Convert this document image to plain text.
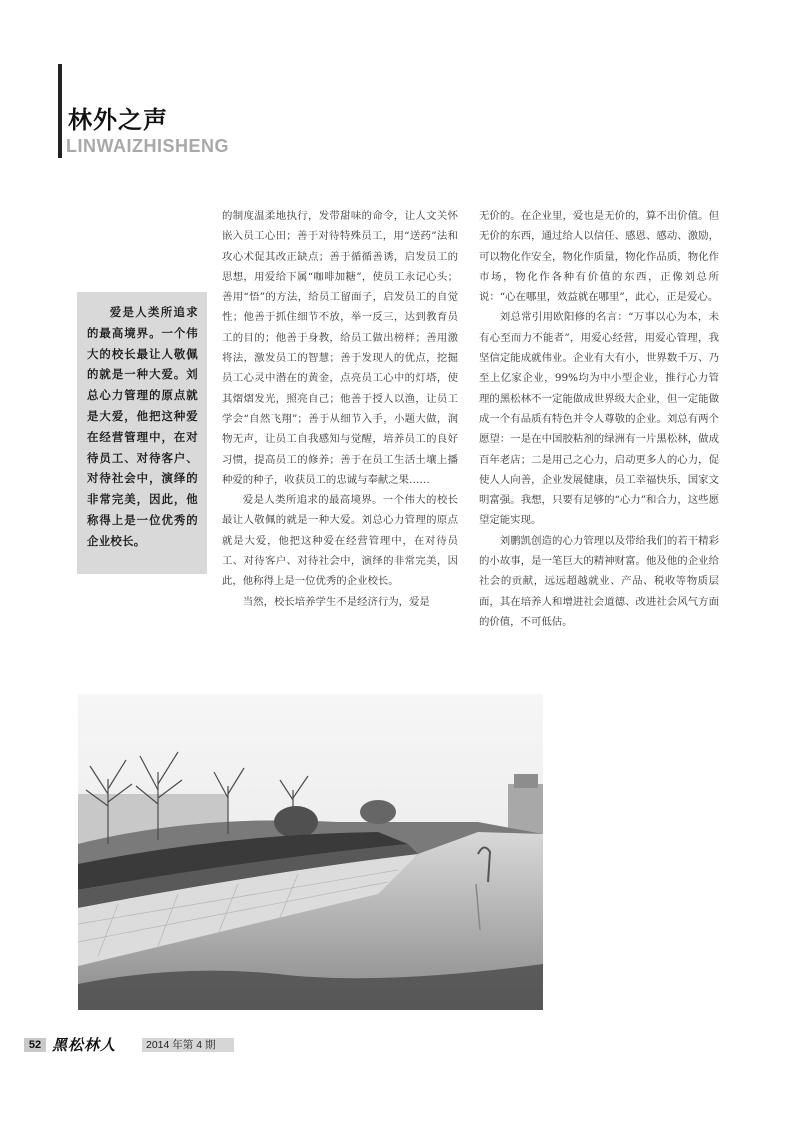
林外之声
LINWAIZHISHENG
爱是人类所追求的最高境界。一个伟大的校长最让人敬佩的就是一种大爱。刘总心力管理的原点就是大爱，他把这种爱在经营管理中，在对待员工、对待客户、对待社会中，演绎的非常完美，因此，他称得上是一位优秀的企业校长。

的制度温柔地执行，发带甜味的命令，让人文关怀嵌入员工心田；善于对待特殊员工，用“送药”法和攻心术促其改正缺点；善于循循善诱，启发员工的思想，用爱给下属“咖啡加糖”，使员工永记心头；善用“悟”的方法，给员工留面子，启发员工的自觉性；他善于抓住细节不放，举一反三，达到教育员工的目的；他善于身教，给员工做出榜样；善用激将法，激发员工的智慧；善于发现人的优点，挖掘员工心灵中潜在的黄金，点亮员工心中的灯塔，使其熠熠发光，照亮自己；他善于授人以渔，让员工学会“自然飞翔”；善于从细节入手，小题大做，润物无声，让员工自我感知与觉醒，培养员工的良好习惯，提高员工的修养；善于在员工生活土壤上播种爱的种子，收获员工的忠诚与奉献之果……

爱是人类所追求的最高境界。一个伟大的校长最让人敬佩的就是一种大爱。刘总心力管理的原点就是大爱，他把这种爱在经营管理中，在对待员工、对待客户、对待社会中，演绎的非常完美，因此，他称得上是一位优秀的企业校长。

当然，校长培养学生不是经济行为，爱是

无价的。在企业里，爱也是无价的，算不出价值。但无价的东西，通过给人以信任、感恩、感动、激励，可以物化作安全，物化作质量，物化作品质，物化作市场，物化作各种有价值的东西，正像刘总所说：“心在哪里，效益就在哪里”，此心，正是爱心。

刘总常引用欧阳修的名言：“万事以心为本，未有心至而力不能者”，用爱心经营，用爱心管理，我坚信定能成就伟业。企业有大有小，世界数千万、乃至上亿家企业，99%均为中小型企业，推行心力管理的黑松林不一定能做成世界级大企业，但一定能做成一个有品质有特色并令人尊敬的企业。刘总有两个愿望：一是在中国胶粘剂的绿洲有一片黑松林，做成百年老店；二是用己之心力，启动更多人的心力，促使人人向善，企业发展健康，员工幸福快乐，国家文明富强。我想，只要有足够的“心力”和合力，这些愿望定能实现。

刘鹏凯创造的心力管理以及带给我们的若干精彩的小故事，是一笔巨大的精神财富。他及他的企业给社会的贡献，远远超越就业、产品、税收等物质层面，其在培养人和增进社会道德、改进社会风气方面的价值，不可低估。

52 黑松林人	2014 年第 4 期
